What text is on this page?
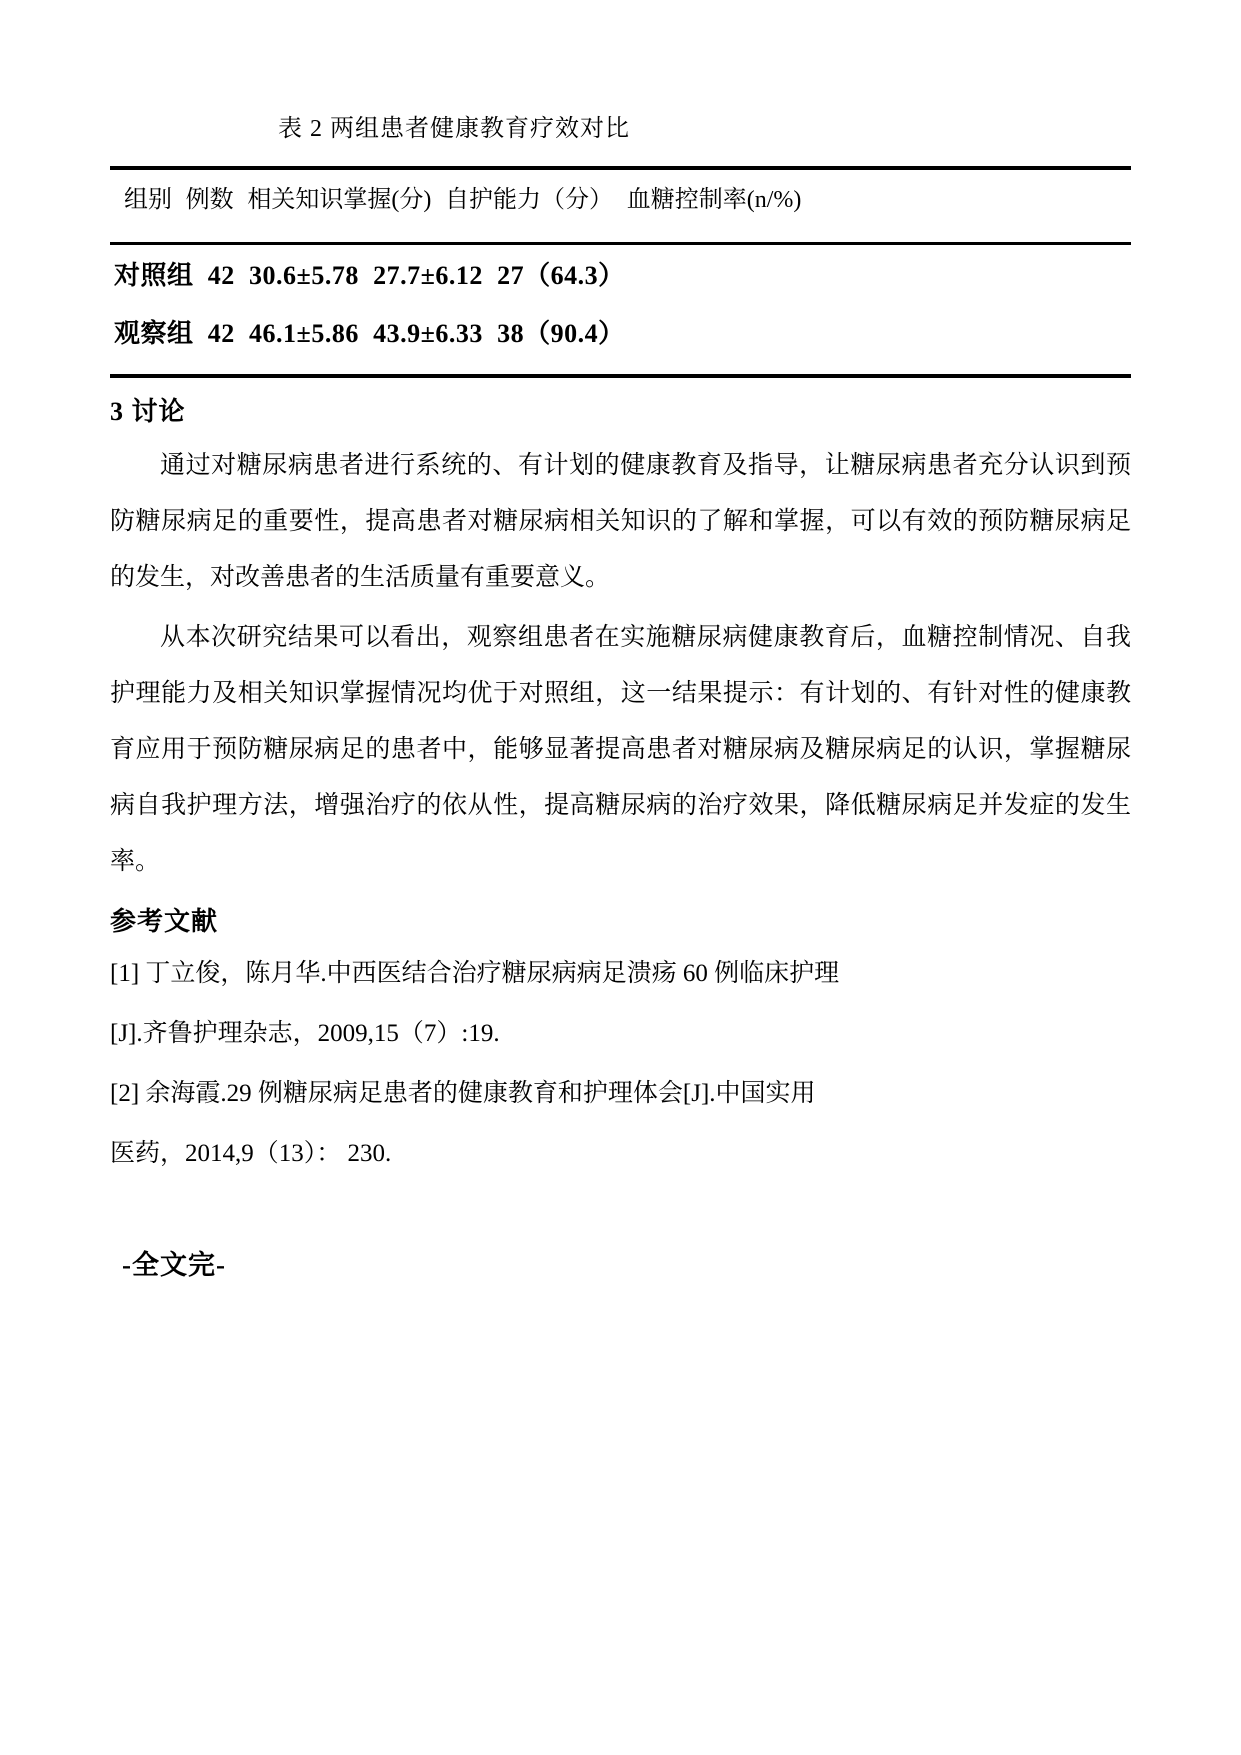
表 2 两组患者健康教育疗效对比
组别 例数 相关知识掌握(分) 自护能力（分） 血糖控制率(n/%)
对照组 42 30.6±5.78 27.7±6.12 27（64.3）
观察组 42 46.1±5.86 43.9±6.33 38（90.4）
3 讨论
通过对糖尿病患者进行系统的、有计划的健康教育及指导，让糖尿病患者充分认识到预
防糖尿病足的重要性，提高患者对糖尿病相关知识的了解和掌握，可以有效的预防糖尿病足
的发生，对改善患者的生活质量有重要意义。
从本次研究结果可以看出，观察组患者在实施糖尿病健康教育后，血糖控制情况、自我
护理能力及相关知识掌握情况均优于对照组，这一结果提示：有计划的、有针对性的健康教
育应用于预防糖尿病足的患者中，能够显著提高患者对糖尿病及糖尿病足的认识，掌握糖尿
病自我护理方法，增强治疗的依从性，提高糖尿病的治疗效果，降低糖尿病足并发症的发生
率。
参考文献
[1] 丁立俊，陈月华.中西医结合治疗糖尿病病足溃疡 60 例临床护理
[J].齐鲁护理杂志，2009,15（7）:19.
[2] 余海霞.29 例糖尿病足患者的健康教育和护理体会[J].中国实用
医药，2014,9（13）： 230.
-全文完-
